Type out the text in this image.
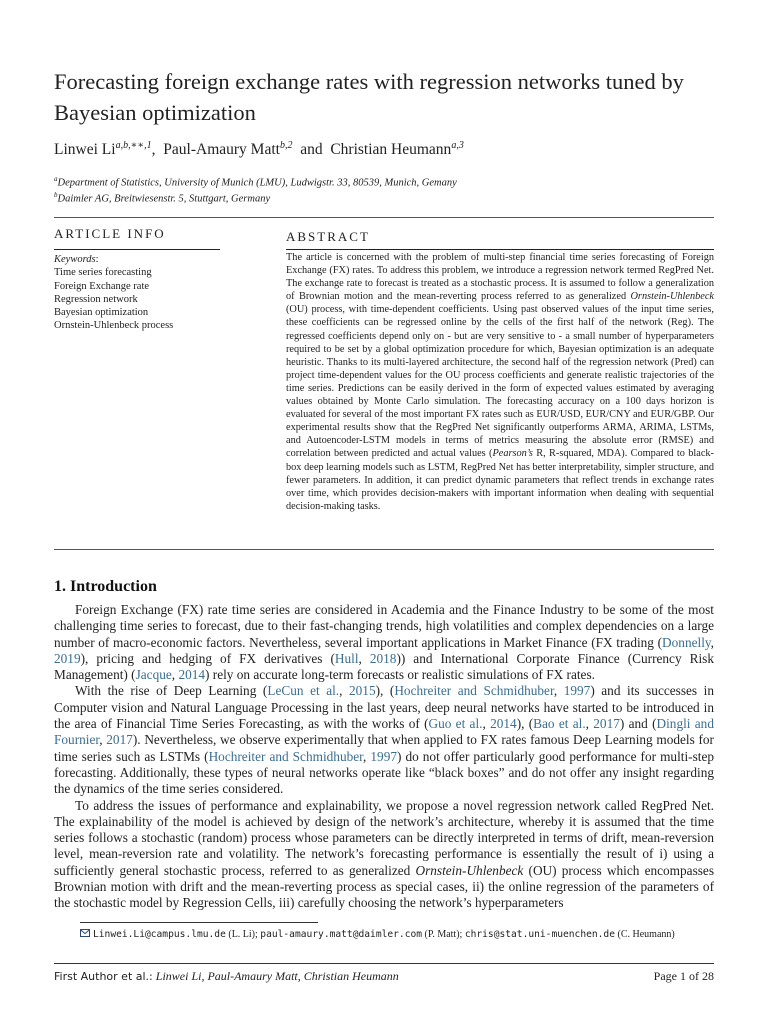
Forecasting foreign exchange rates with regression networks tuned by Bayesian optimization
Linwei $Li^{a,b,∗∗,1}$, Paul-Amaury Matt$^{b,2}$ and Christian Heumann$^{a,3}$
$^a$Department of Statistics, University of Munich (LMU), Ludwigstr. 33, 80539, Munich, Gemany
$^b$Daimler AG, Breitwiesenstr. 5, Stuttgart, Germany
ARTICLE INFO	ABSTRACT
Keywords:
Time series forecasting
Foreign Exchange rate
Regression network
Bayesian optimization
Ornstein-Uhlenbeck process
The article is concerned with the problem of multi-step financial time series forecasting of Foreign Exchange (FX) rates. To address this problem, we introduce a regression network termed RegPred Net. The exchange rate to forecast is treated as a stochastic process. It is assumed to follow a generalization of Brownian motion and the mean-reverting process referred to as generalized Ornstein-Uhlenbeck (OU) process, with time-dependent coefficients. Using past observed values of the input time series, these coefficients can be regressed online by the cells of the first half of the network (Reg). The regressed coefficients depend only on - but are very sensitive to - a small number of hyperparameters required to be set by a global optimization procedure for which, Bayesian optimization is an adequate heuristic. Thanks to its multi-layered architecture, the second half of the regression network (Pred) can project time-dependent values for the OU process coefficients and generate realistic trajectories of the time series. Predictions can be easily derived in the form of expected values estimated by averaging values obtained by Monte Carlo simulation. The forecasting accuracy on a 100 days horizon is evaluated for several of the most important FX rates such as EUR/USD, EUR/CNY and EUR/GBP. Our experimental results show that the RegPred Net significantly outperforms ARMA, ARIMA, LSTMs, and Autoencoder-LSTM models in terms of metrics measuring the absolute error (RMSE) and correlation between predicted and actual values (Pearson’s R, R-squared, MDA). Compared to black-box deep learning models such as LSTM, RegPred Net has better interpretability, simpler structure, and fewer parameters. In addition, it can predict dynamic parameters that reflect trends in exchange rates over time, which provides decision-makers with important information when dealing with sequential decision-making tasks.
1. Introduction

Foreign Exchange (FX) rate time series are considered in Academia and the Finance Industry to be some of the most challenging time series to forecast, due to their fast-changing trends, high volatilities and complex dependencies on a large number of macro-economic factors. Nevertheless, several important applications in Market Finance (FX trading (Donnelly, 2019), pricing and hedging of FX derivatives (Hull, 2018)) and International Corporate Finance (Currency Risk Management) (Jacque, 2014) rely on accurate long-term forecasts or realistic simulations of FX rates.

With the rise of Deep Learning (LeCun et al., 2015), (Hochreiter and Schmidhuber, 1997) and its successes in Computer vision and Natural Language Processing in the last years, deep neural networks have started to be introduced in the area of Financial Time Series Forecasting, as with the works of (Guo et al., 2014), (Bao et al., 2017) and (Dingli and Fournier, 2017). Nevertheless, we observe experimentally that when applied to FX rates famous Deep Learning models for time series such as LSTMs (Hochreiter and Schmidhuber, 1997) do not offer particularly good performance for multi-step forecasting. Additionally, these types of neural networks operate like “black boxes” and do not offer any insight regarding the dynamics of the time series considered.

To address the issues of performance and explainability, we propose a novel regression network called RegPred Net. The explainability of the model is achieved by design of the network’s architecture, whereby it is assumed that the time series follows a stochastic (random) process whose parameters can be directly interpreted in terms of drift, mean-reversion level, mean-reversion rate and volatility. The network’s forecasting performance is essentially the result of i) using a sufficiently general stochastic process, referred to as generalized Ornstein-Uhlenbeck (OU) process which encompasses Brownian motion with drift and the mean-reverting process as special cases, ii) the online regression of the parameters of the stochastic model by Regression Cells, iii) carefully choosing the network’s hyperparameters

Linwei.Li@campus.lmu.de (L. Li); paul-amaury.matt@daimler.com (P. Matt); chris@stat.uni-muenchen.de (C. Heumann)
First Author et al.: Linwei Li, Paul-Amaury Matt, Christian Heumann	Page 1 of 28
